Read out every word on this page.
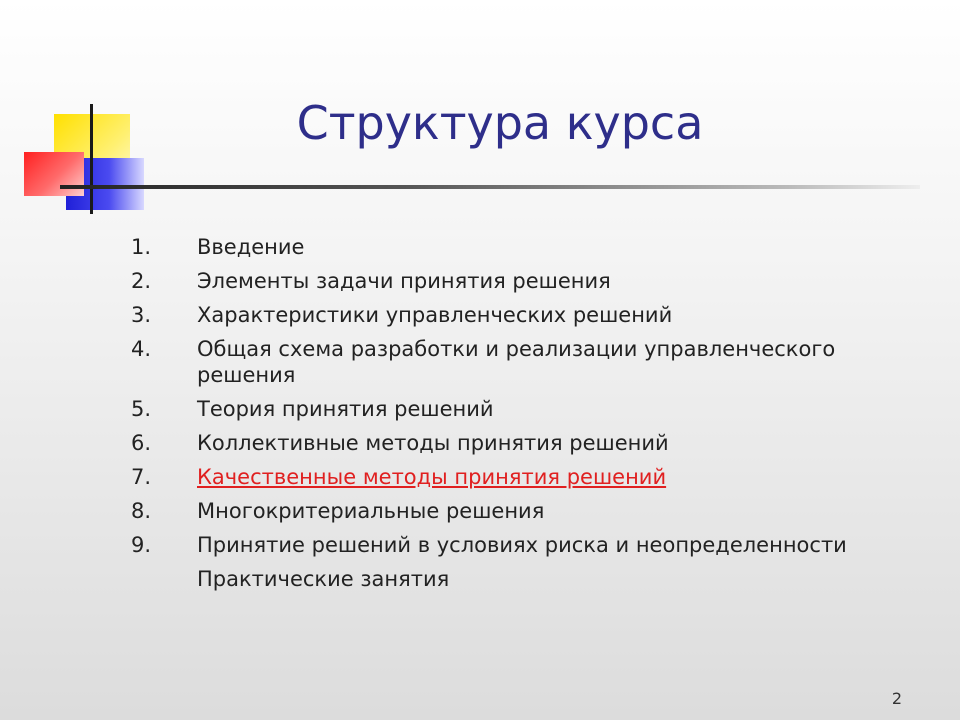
Структура курса
1.	Введение
2.	Элементы задачи принятия решения
3.	Характеристики управленческих решений
4.	Общая схема разработки и реализации управленческого решения
5.	Теория принятия решений
6.	Коллективные методы принятия решений
7.	Качественные методы принятия решений
8.	Многокритериальные решения
9.	Принятие решений в условиях риска и неопределенности
Практические занятия
2
